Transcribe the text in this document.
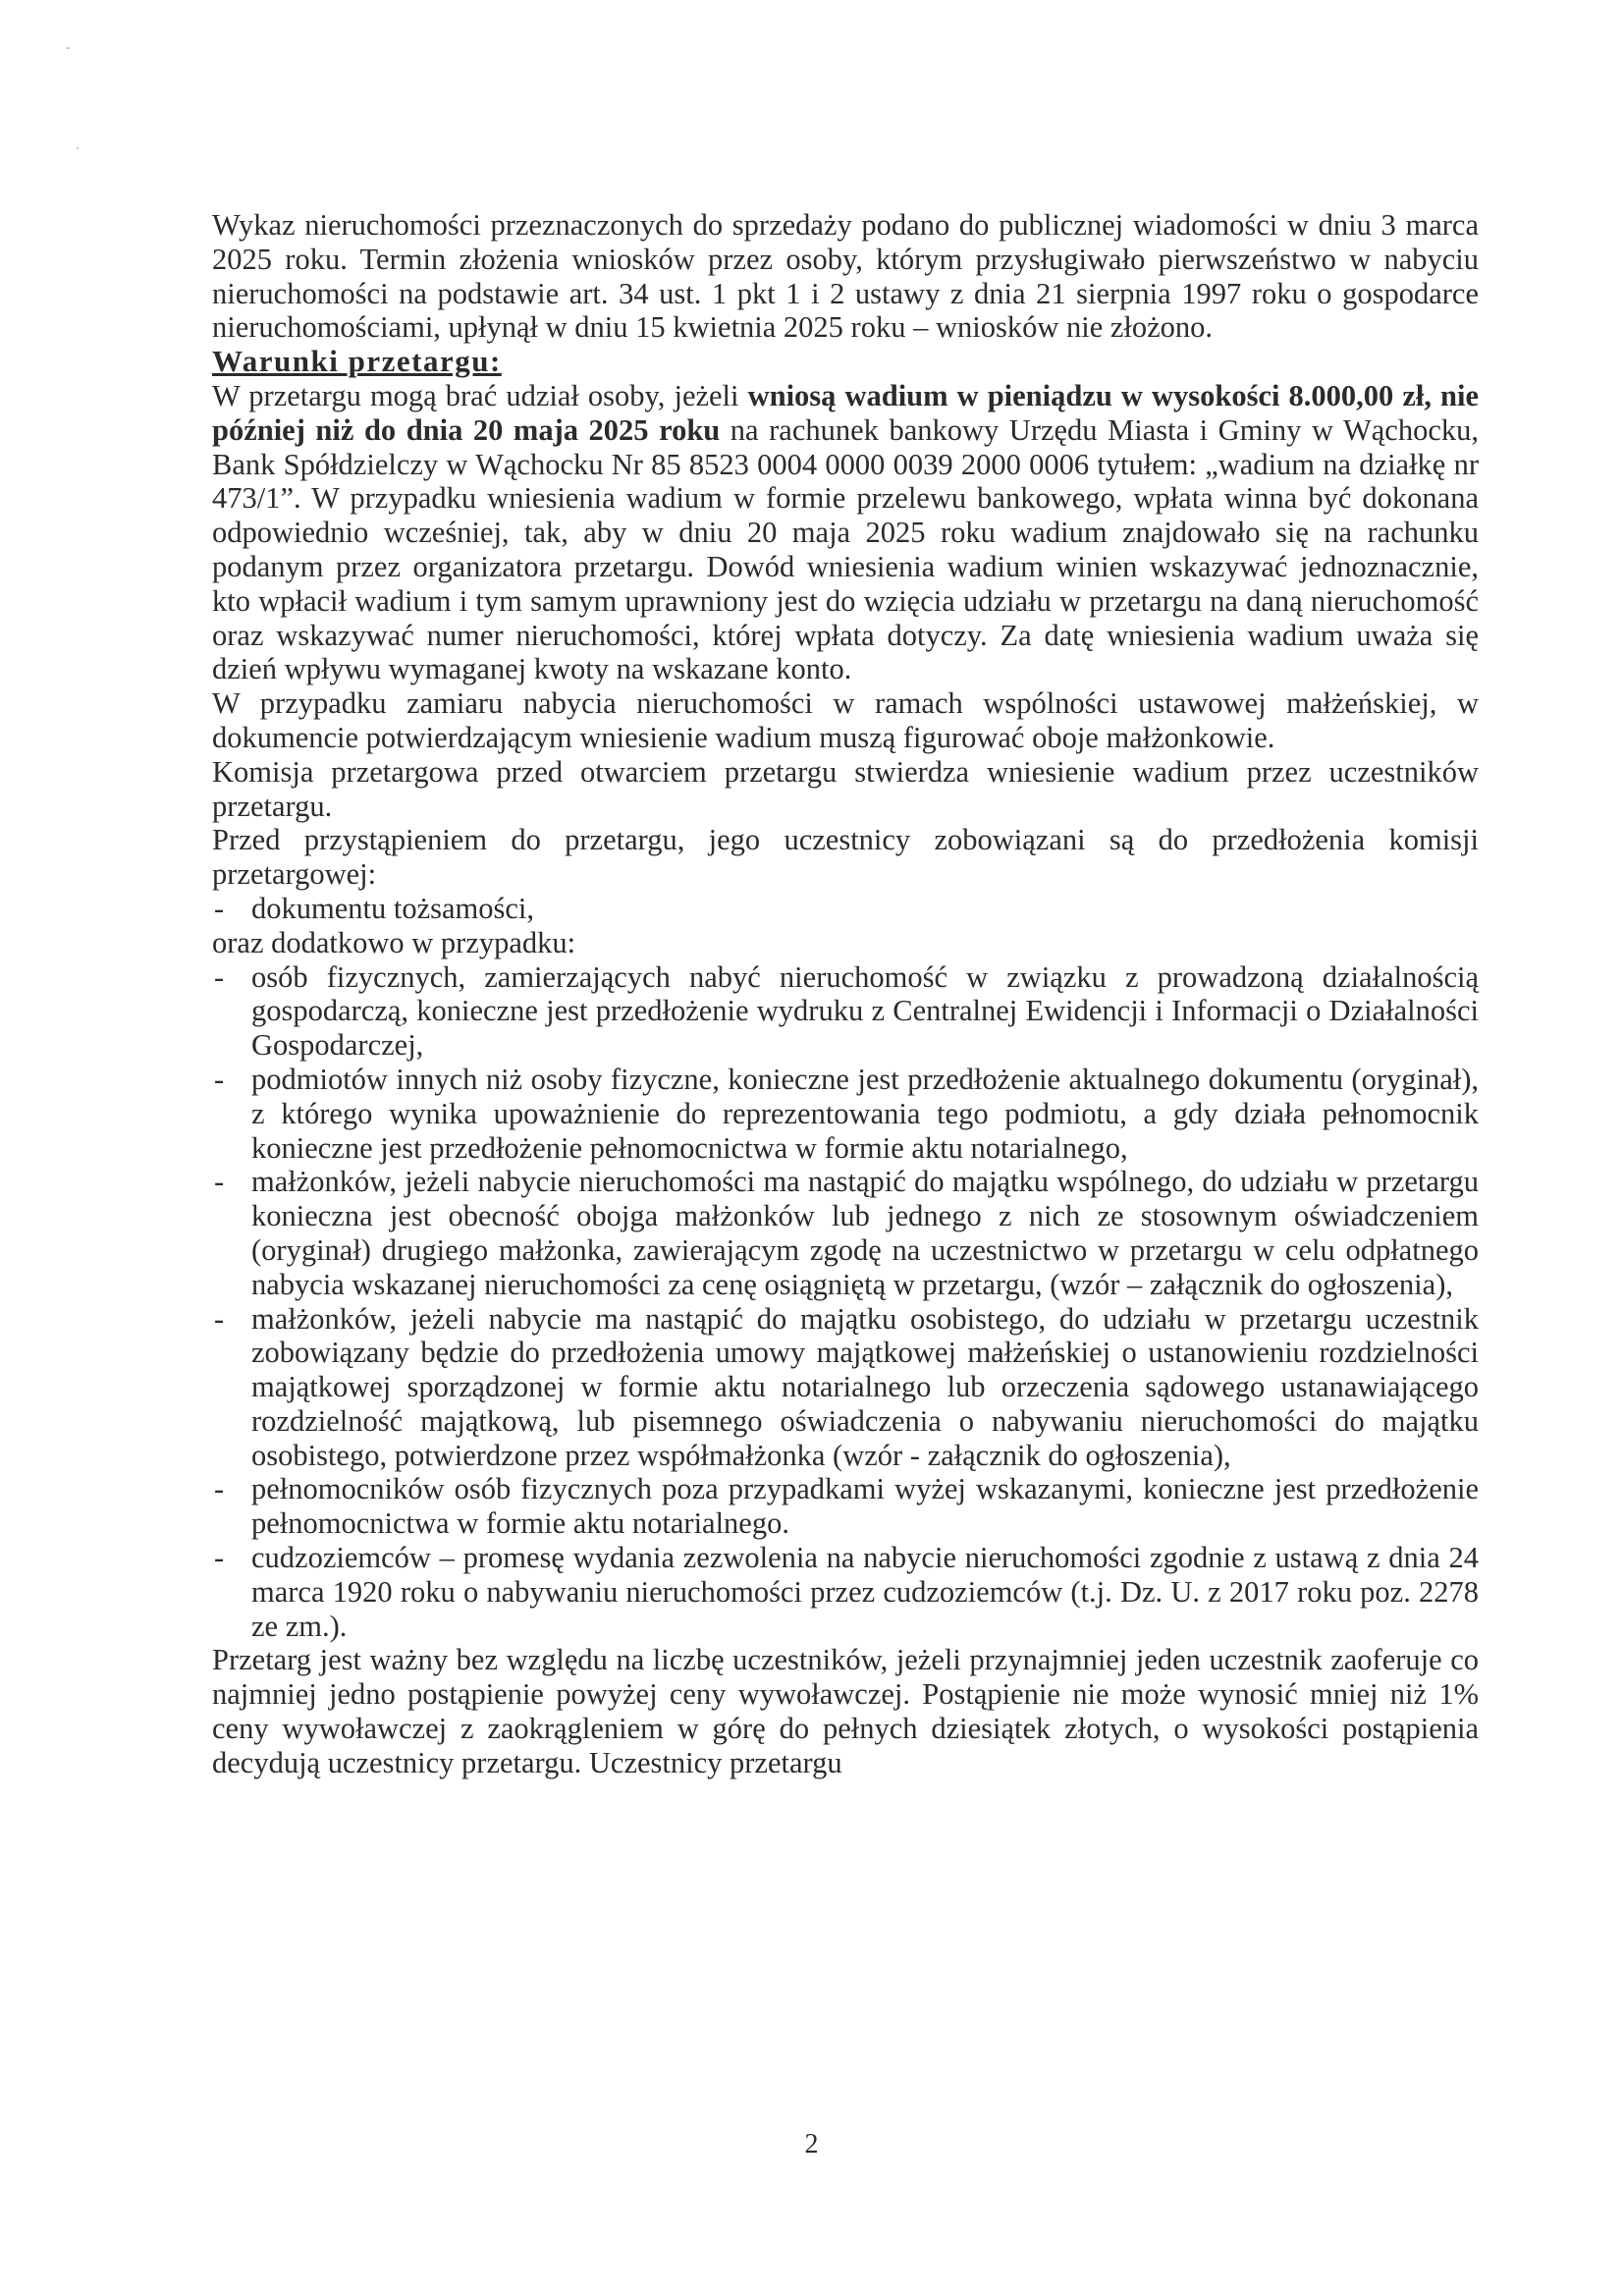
Wykaz nieruchomości przeznaczonych do sprzedaży podano do publicznej wiadomości w dniu 3 marca 2025 roku. Termin złożenia wniosków przez osoby, którym przysługiwało pierwszeństwo w nabyciu nieruchomości na podstawie art. 34 ust. 1 pkt 1 i 2 ustawy z dnia 21 sierpnia 1997 roku o gospodarce nieruchomościami, upłynął w dniu 15 kwietnia 2025 roku – wniosków nie złożono.

Warunki przetargu:

W przetargu mogą brać udział osoby, jeżeli wniosą wadium w pieniądzu w wysokości 8.000,00 zł, nie później niż do dnia 20 maja 2025 roku na rachunek bankowy Urzędu Miasta i Gminy w Wąchocku, Bank Spółdzielczy w Wąchocku Nr 85 8523 0004 0000 0039 2000 0006 tytułem: „wadium na działkę nr 473/1”. W przypadku wniesienia wadium w formie przelewu bankowego, wpłata winna być dokonana odpowiednio wcześniej, tak, aby w dniu 20 maja 2025 roku wadium znajdowało się na rachunku podanym przez organizatora przetargu. Dowód wniesienia wadium winien wskazywać jednoznacznie, kto wpłacił wadium i tym samym uprawniony jest do wzięcia udziału w przetargu na daną nieruchomość oraz wskazywać numer nieruchomości, której wpłata dotyczy. Za datę wniesienia wadium uważa się dzień wpływu wymaganej kwoty na wskazane konto.

W przypadku zamiaru nabycia nieruchomości w ramach wspólności ustawowej małżeńskiej, w dokumencie potwierdzającym wniesienie wadium muszą figurować oboje małżonkowie.

Komisja przetargowa przed otwarciem przetargu stwierdza wniesienie wadium przez uczestników przetargu.

Przed przystąpieniem do przetargu, jego uczestnicy zobowiązani są do przedłożenia komisji przetargowej:

- dokumentu tożsamości,

oraz dodatkowo w przypadku:

- osób fizycznych, zamierzających nabyć nieruchomość w związku z prowadzoną działalnością gospodarczą, konieczne jest przedłożenie wydruku z Centralnej Ewidencji i Informacji o Działalności Gospodarczej,
- podmiotów innych niż osoby fizyczne, konieczne jest przedłożenie aktualnego dokumentu (oryginał), z którego wynika upoważnienie do reprezentowania tego podmiotu, a gdy działa pełnomocnik konieczne jest przedłożenie pełnomocnictwa w formie aktu notarialnego,
- małżonków, jeżeli nabycie nieruchomości ma nastąpić do majątku wspólnego, do udziału w przetargu konieczna jest obecność obojga małżonków lub jednego z nich ze stosownym oświadczeniem (oryginał) drugiego małżonka, zawierającym zgodę na uczestnictwo w przetargu w celu odpłatnego nabycia wskazanej nieruchomości za cenę osiągniętą w przetargu, (wzór – załącznik do ogłoszenia),
- małżonków, jeżeli nabycie ma nastąpić do majątku osobistego, do udziału w przetargu uczestnik zobowiązany będzie do przedłożenia umowy majątkowej małżeńskiej o ustanowieniu rozdzielności majątkowej sporządzonej w formie aktu notarialnego lub orzeczenia sądowego ustanawiającego rozdzielność majątkową, lub pisemnego oświadczenia o nabywaniu nieruchomości do majątku osobistego, potwierdzone przez współmałżonka (wzór - załącznik do ogłoszenia),
- pełnomocników osób fizycznych poza przypadkami wyżej wskazanymi, konieczne jest przedłożenie pełnomocnictwa w formie aktu notarialnego.
- cudzoziemców – promesę wydania zezwolenia na nabycie nieruchomości zgodnie z ustawą z dnia 24 marca 1920 roku o nabywaniu nieruchomości przez cudzoziemców (t.j. Dz. U. z 2017 roku poz. 2278 ze zm.).

Przetarg jest ważny bez względu na liczbę uczestników, jeżeli przynajmniej jeden uczestnik zaoferuje co najmniej jedno postąpienie powyżej ceny wywoławczej. Postąpienie nie może wynosić mniej niż 1% ceny wywoławczej z zaokrągleniem w górę do pełnych dziesiątek złotych, o wysokości postąpienia decydują uczestnicy przetargu. Uczestnicy przetargu

2
